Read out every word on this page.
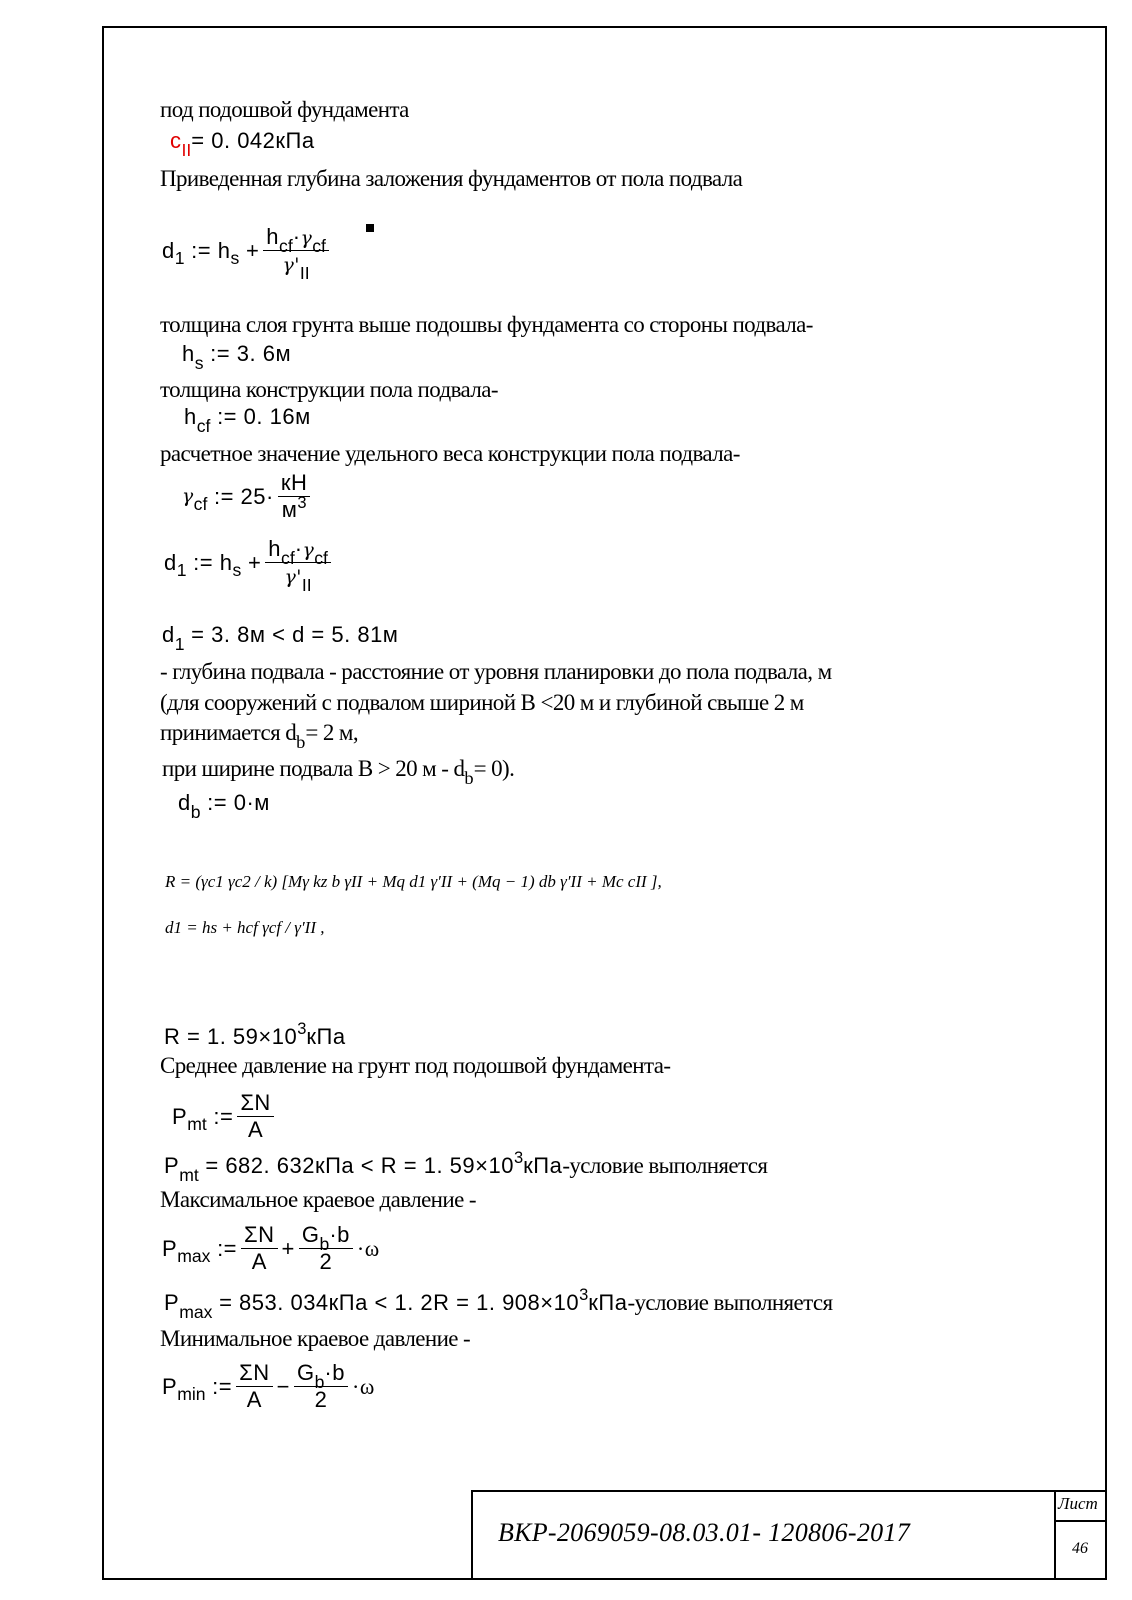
под подошвой фундамента
$c_{II}= 0$. 042кПа
Приведенная глубина заложения фундаментов от пола подвала
d 1
:=
h s
+ $\frac{h_{cf}\cdot\gamma_{cf}}{\gamma'_{II}}$
толщина слоя грунта выше подошвы фундамента со стороны подвала-
$h_s$ := 3. 6м
толщина конструкции пола подвала-
$h_{cf}$ := 0. 16м
расчетное значение удельного веса конструкции пола подвала-
γ cf
:= $25\cdot \frac{кН}{м^3}$
d 1
:=
h s
+ $\frac{h_{cf}\cdot\gamma_{cf}}{\gamma'_{II}}$
$d_1 = 3$. 8м < d = 5. 81м
- глубина подвала - расстояние от уровня планировки до пола подвала, м
(для сооружений с подвалом шириной В <20 м и глубиной свыше 2 м
принимается $d_b= 2$ м,
при ширине подвала В > 20 $м - d_b= 0$).
$d_b$ := 0·м
R = (γc1 γc2 / k) [Mγ kz b γII + Mq d1 γ′II + (Mq − 1) db γ′II + Mc cII ],
d1 = hs + hcf γcf / γ′II ,
R = 1. $59\times 10^3кПа$
Среднее давление на грунт под подошвой фундамента-
P mt
:= $\frac{\Sigma N}{A}$
$P_{mt} = 682$. 632кПа < R = 1. $59\times 10^3кПа$-условие выполняется
Максимальное краевое давление -
P max
:= $\frac{\Sigma N}{A} + \frac{G_b\cdot b}{2} \cdot\omega$
$P_{max} = 853$. 034кПа < 1. 2R = 1. $908\times 10^3кПа$-условие выполняется
Минимальное краевое давление -
P min
:= $\frac{\Sigma N}{A} - \frac{G_b\cdot b}{2} \cdot\omega$
ВКР-2069059-08.03.01- 120806-2017
Лист
46
